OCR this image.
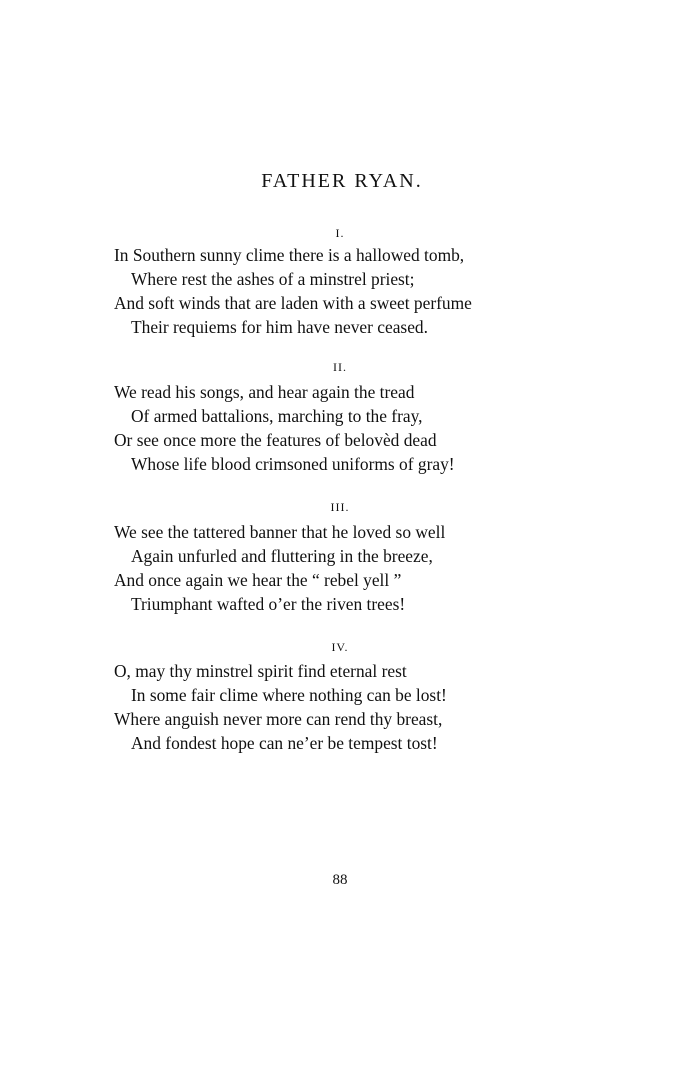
FATHER RYAN.

I.

In Southern sunny clime there is a hallowed tomb,

Where rest the ashes of a minstrel priest;

And soft winds that are laden with a sweet perfume

Their requiems for him have never ceased.

II.

We read his songs, and hear again the tread

Of armed battalions, marching to the fray,

Or see once more the features of belovèd dead

Whose life blood crimsoned uniforms of gray!

III.

We see the tattered banner that he loved so well

Again unfurled and fluttering in the breeze,

And once again we hear the “ rebel yell ”

Triumphant wafted o’er the riven trees!

IV.

O, may thy minstrel spirit find eternal rest

In some fair clime where nothing can be lost!

Where anguish never more can rend thy breast,

And fondest hope can ne’er be tempest tost!

88
